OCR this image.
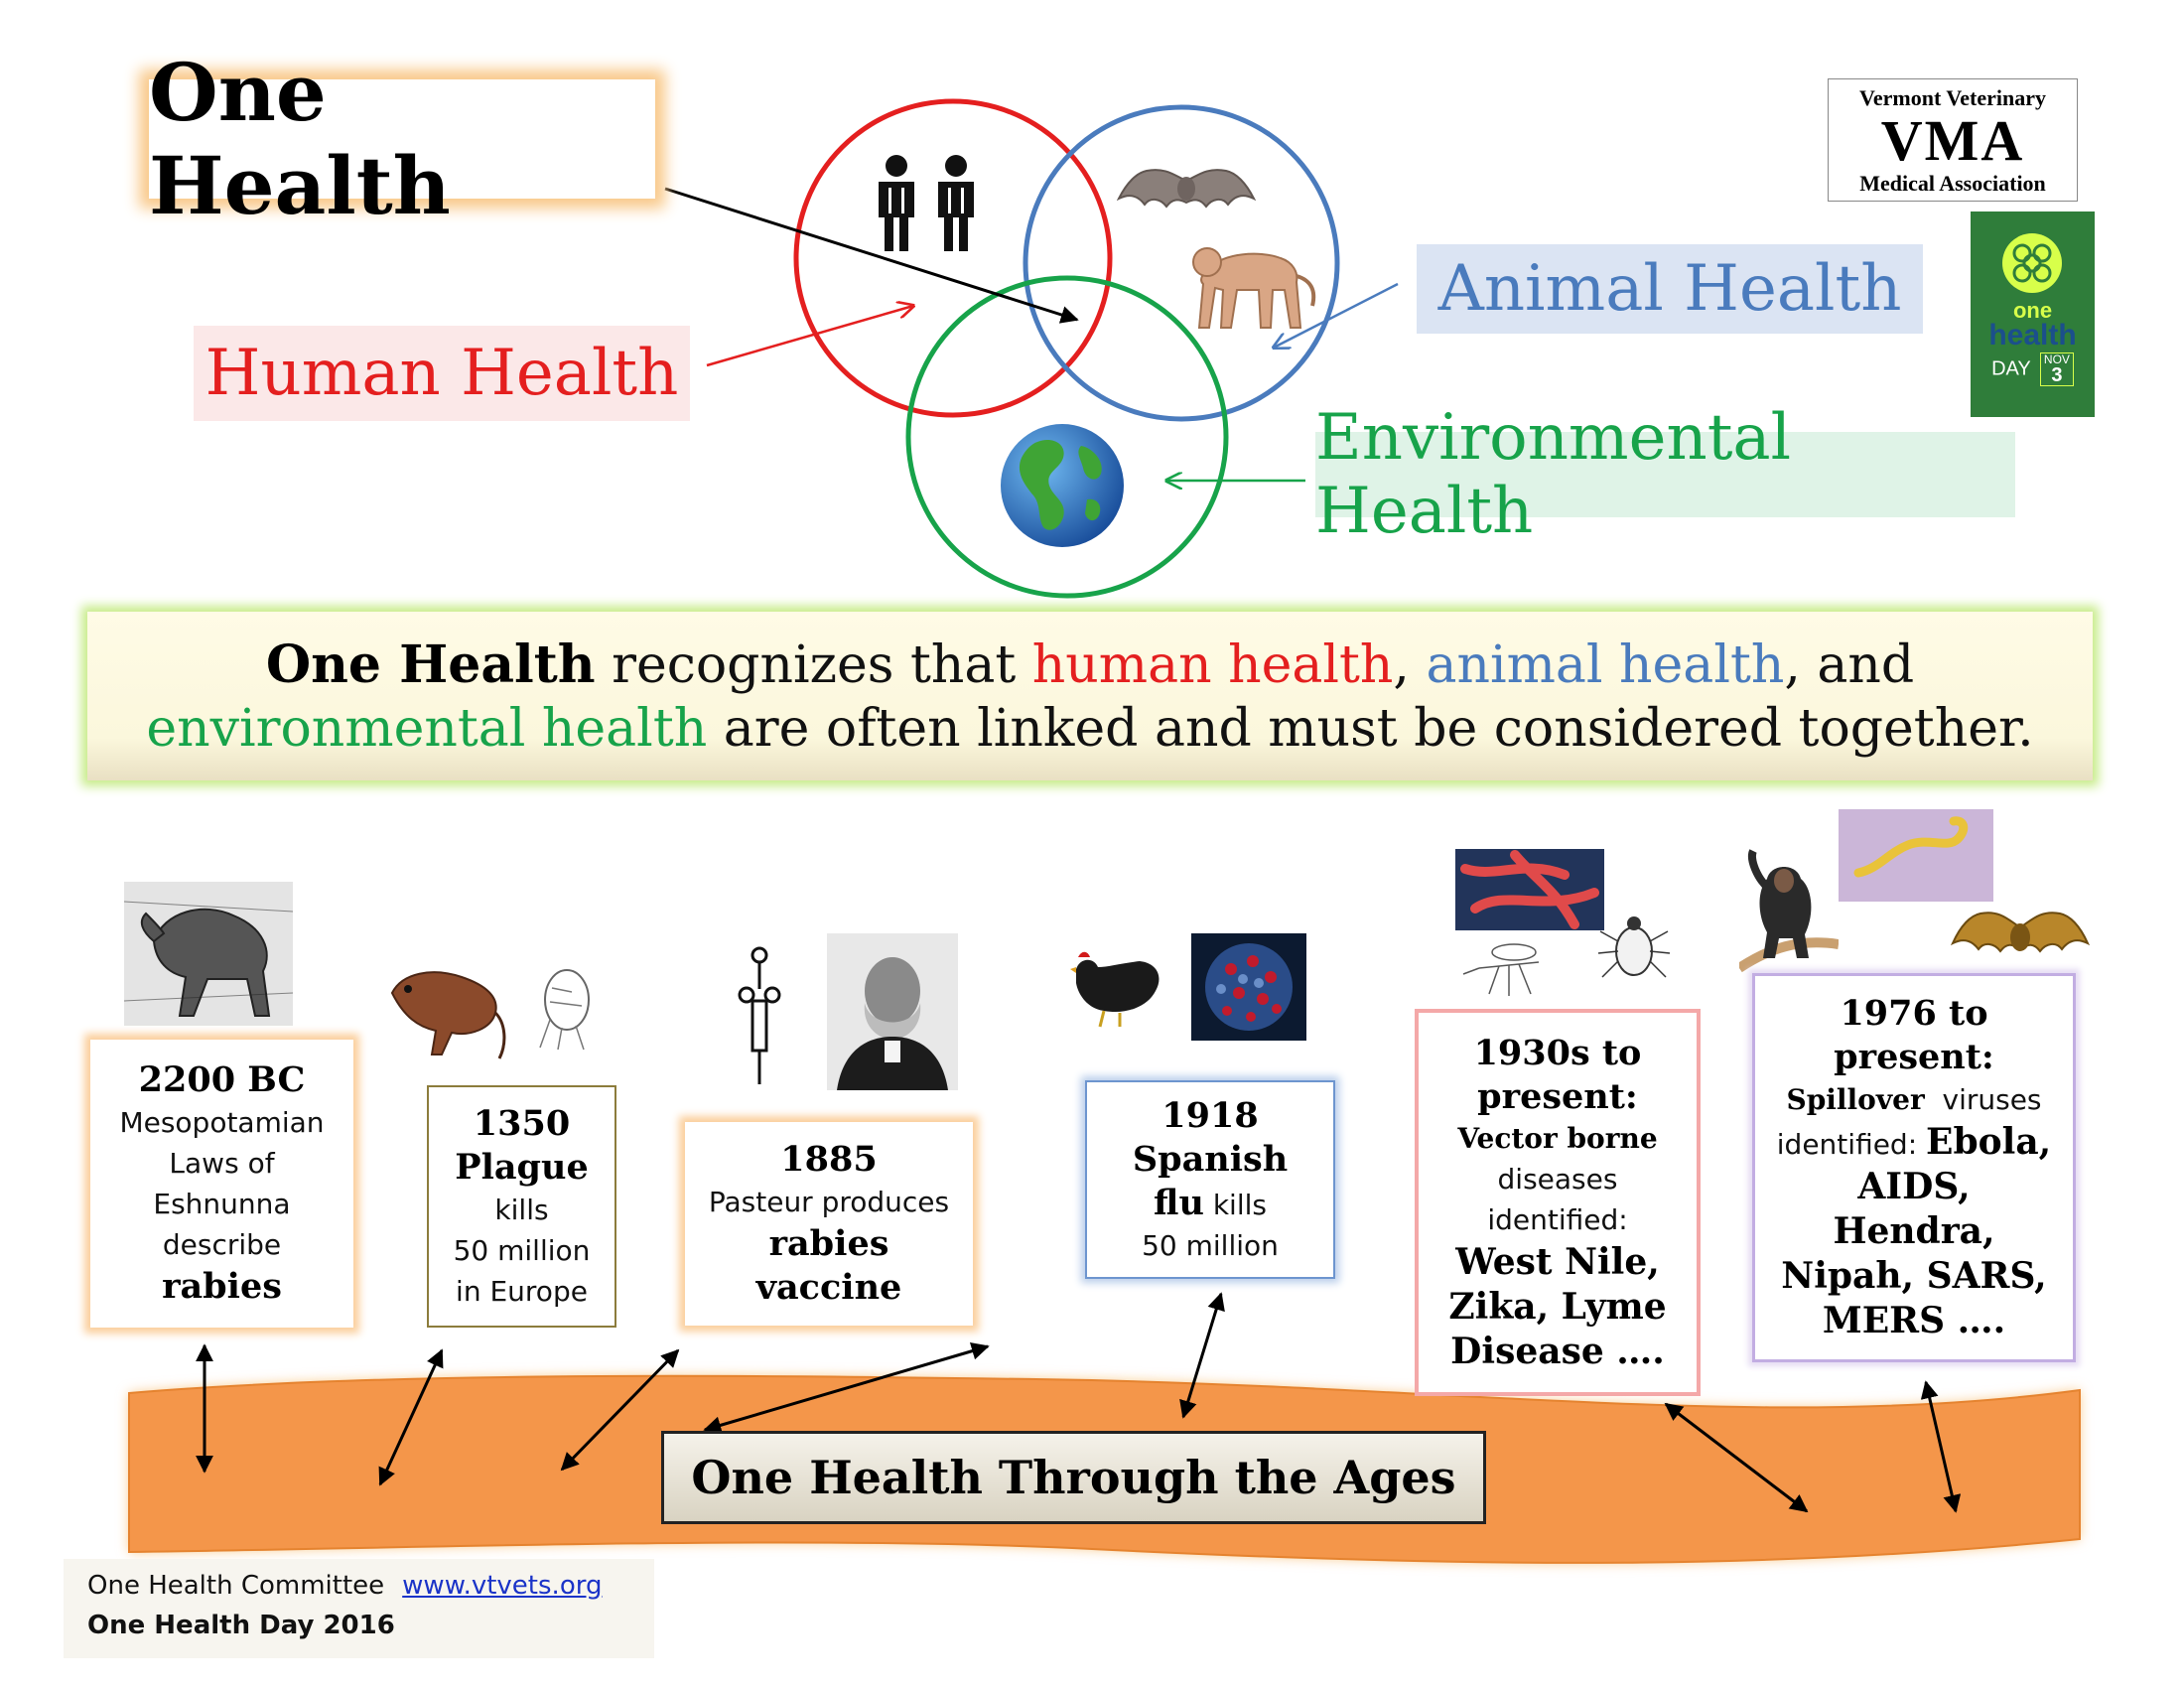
One Health
Human Health
Animal Health
Environmental Health
Vermont Veterinary
VMA
Medical Association
one
health
DAY NOV
3

One Health recognizes that human health, animal health, and
environmental health are often linked and must be considered together.

2200 BC
Mesopotamian
Laws of
Eshnunna
describe
rabies
1350
Plague
kills
50 million
in Europe
1885
Pasteur produces
rabies
vaccine
1918
Spanish
flu kills
50 million
1930s to
present:
Vector borne
diseases
identified:
West Nile,
Zika, Lyme
Disease ….
1976 to
present:
Spillover  viruses
identified: Ebola,
AIDS,
Hendra,
Nipah, SARS,
MERS ….
One Health Through the Ages
One Health Committee www.vtvets.org
One Health Day 2016
